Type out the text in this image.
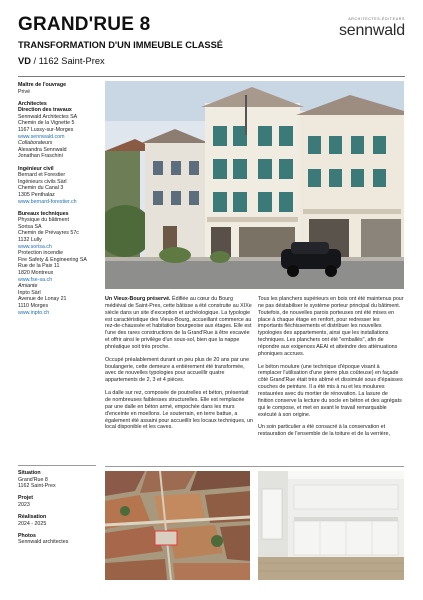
GRAND'RUE 8
TRANSFORMATION D'UN IMMEUBLE CLASSÉ
VD / 1162 Saint-Prex
ARCHITECTES-ÉDITEURS
sennwald
Maître de l'ouvrage
Privé
Architectes
Direction des travaux
Sennwald Architectes SA
Chemin de la Vignette 5
1167 Lussy-sur-Morges
www.sennwald.com
Collaborateurs
Alexandra Sennwald
Jonathan Fraschini
Ingénieur civil
Bernard et Forestier
Ingénieurs civils Sàrl
Chemin du Canal 3
1305 Penthalaz
www.bernard-forestier.ch
Bureaux techniques
Physique du bâtiment
Sorisa SA
Chemin de Prévayres 57c
1132 Lully
www.sorisa.ch
Protection incendie
Fire Safety & Engineering SA
Rue de la Paix 11
1820 Montreux
www.fse-sa.ch
Amiante
Inpto Sàrl
Avenue de Lonay 21
1110 Morges
www.inpto.ch
Situation
Grand'Rue 8
1162 Saint-Prex
Projet
2023
Réalisation
2024 - 2025
Photos
Sennwald architectes

Un Vieux-Bourg préservé. Édifiée au cœur du Bourg médiéval de Saint-Prex, cette bâtisse a été construite au XIXe siècle dans un site d'exception et archéologique. La typologie est caractéristique des Vieux-Bourg, accueillant commerce au rez-de-chaussée et habitation bourgeoise aux étages. Elle est l'une des rares constructions de la Grand'Rue à être excavée et offrir ainsi le privilège d'un sous-sol, bien que la nappe phréatique soit très proche.

Occupé préalablement durant un peu plus de 20 ans par une boulangerie, cette demeure a entièrement été transformée, avec de nouvelles typologies pour accueillir quatre appartements de 2, 3 et 4 pièces.

La dalle sur rez, composée de poutrelles et béton, présentait de nombreuses faiblesses structurelles. Elle est remplacée par une dalle en béton armé, empochée dans les murs d'enceinte en moellons. Le souterrain, en terre battue, a également été assaini pour accueillir les locaux techniques, un local disponible et les caves.

Tous les planchers supérieurs en bois ont été maintenus pour ne pas déstabiliser le système porteur principal du bâtiment. Toutefois, de nouvelles parois porteuses ont été mises en place à chaque étage en renfort, pour redresser les importants fléchissements et distribuer les nouvelles typologies des appartements, ainsi que les installations techniques. Les planchers ont été "emballés", afin de répondre aux exigences AEAI et atteindre des atténuations phoniques accrues.

Le béton moulure (une technique d'époque visant à remplacer l'utilisation d'une pierre plus coûteuse) en façade côté Grand'Rue était très abîmé et dissimulé sous d'épaisses couches de peinture. Il a été mis à nu et les moulures restaurées avec du mortier de rénovation. La lasure de finition conserve la lecture du socle en béton et des agrégats qui le compose, et met en avant le travail remarquable exécuté à son origine.

Un soin particulier a été consacré à la conservation et restauration de l'ensemble de la toiture et de la verrière,
